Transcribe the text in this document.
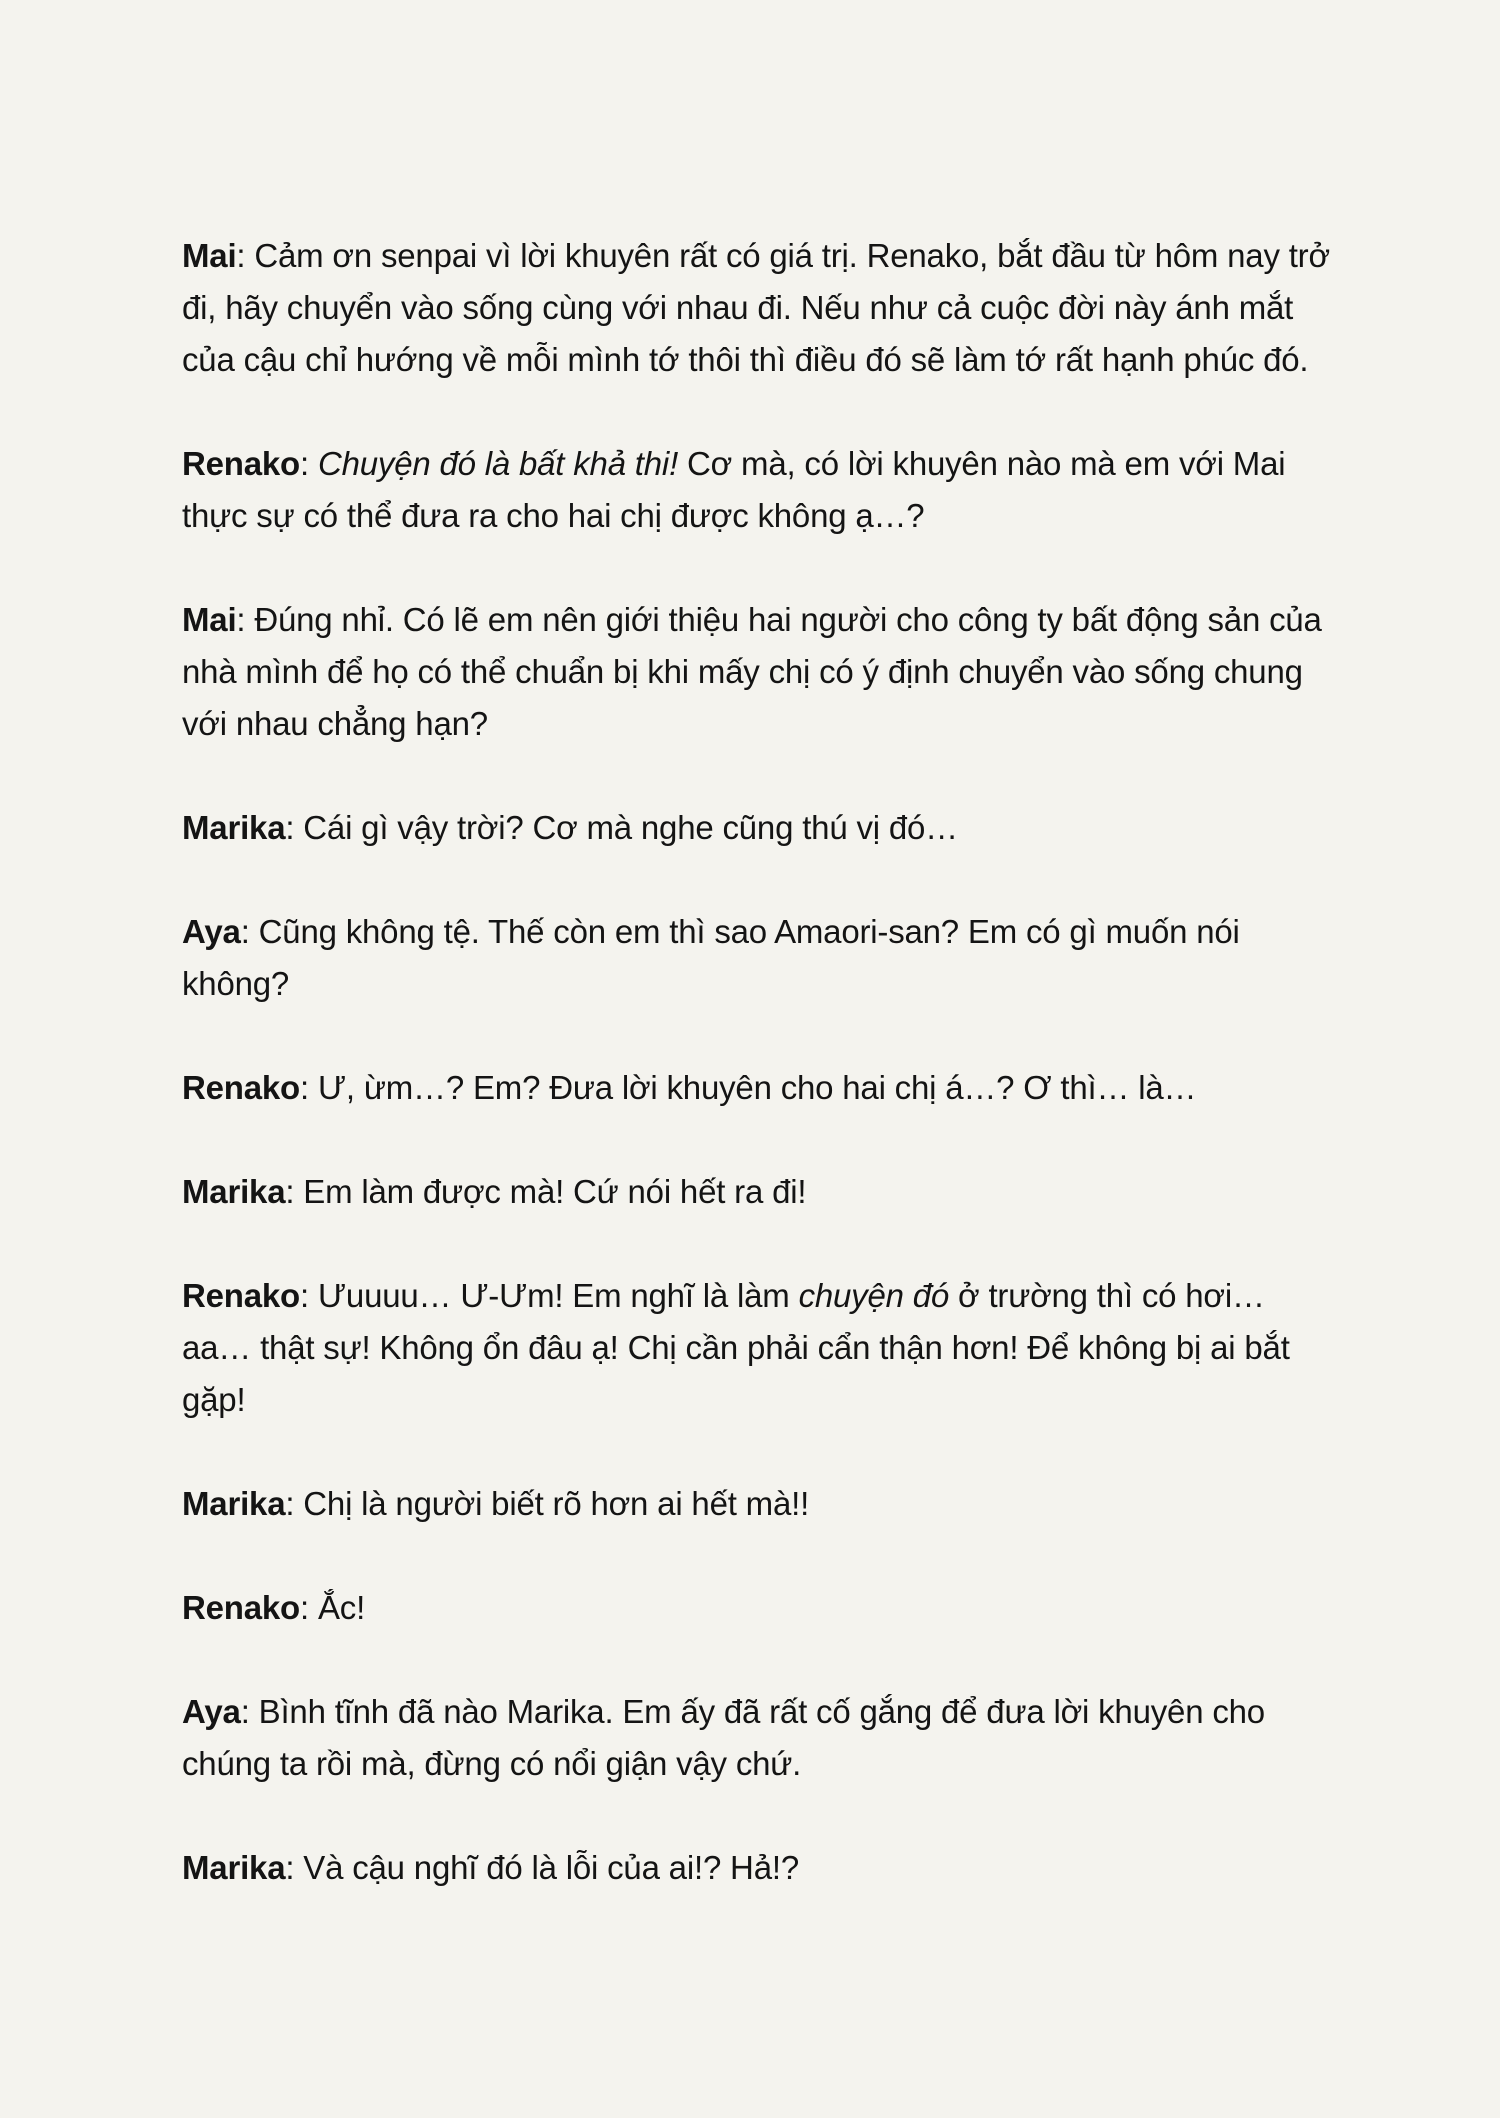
Mai: Cảm ơn senpai vì lời khuyên rất có giá trị. Renako, bắt đầu từ hôm nay trở đi, hãy chuyển vào sống cùng với nhau đi. Nếu như cả cuộc đời này ánh mắt của cậu chỉ hướng về mỗi mình tớ thôi thì điều đó sẽ làm tớ rất hạnh phúc đó.

Renako: Chuyện đó là bất khả thi! Cơ mà, có lời khuyên nào mà em với Mai thực sự có thể đưa ra cho hai chị được không ạ…?

Mai: Đúng nhỉ. Có lẽ em nên giới thiệu hai người cho công ty bất động sản của nhà mình để họ có thể chuẩn bị khi mấy chị có ý định chuyển vào sống chung với nhau chẳng hạn?

Marika: Cái gì vậy trời? Cơ mà nghe cũng thú vị đó…

Aya: Cũng không tệ. Thế còn em thì sao Amaori-san? Em có gì muốn nói không?

Renako: Ư, ừm…? Em? Đưa lời khuyên cho hai chị á…? Ơ thì… là…

Marika: Em làm được mà! Cứ nói hết ra đi!

Renako: Ưuuuu… Ư-Ưm! Em nghĩ là làm chuyện đó ở trường thì có hơi… aa… thật sự! Không ổn đâu ạ! Chị cần phải cẩn thận hơn! Để không bị ai bắt gặp!

Marika: Chị là người biết rõ hơn ai hết mà!!

Renako: Ắc!

Aya: Bình tĩnh đã nào Marika. Em ấy đã rất cố gắng để đưa lời khuyên cho chúng ta rồi mà, đừng có nổi giận vậy chứ.

Marika: Và cậu nghĩ đó là lỗi của ai!? Hả!?
